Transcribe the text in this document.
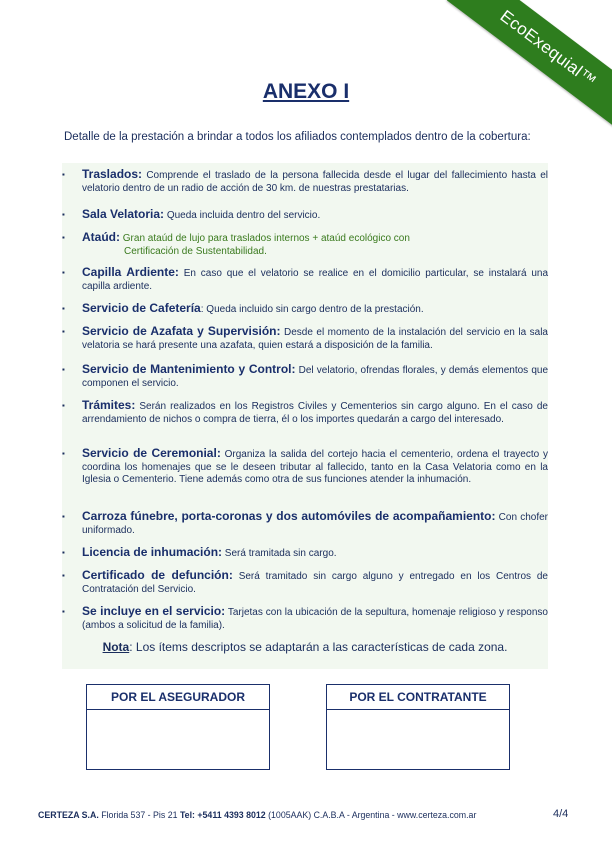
EcoExequial™
ANEXO I
Detalle de la prestación a brindar a todos los afiliados contemplados dentro de la cobertura:
▪	Traslados: Comprende el traslado de la persona fallecida desde el lugar del fallecimiento hasta el velatorio dentro de un radio de acción de 30 km. de nuestras prestatarias.
▪	Sala Velatoria: Queda incluida dentro del servicio.
▪	Ataúd: Gran ataúd de lujo para traslados internos + ataúd ecológico con
Certificación de Sustentabilidad.
▪	Capilla Ardiente: En caso que el velatorio se realice en el domicilio particular, se instalará una capilla ardiente.
▪	Servicio de Cafetería: Queda incluido sin cargo dentro de la prestación.
▪	Servicio de Azafata y Supervisión: Desde el momento de la instalación del servicio en la sala velatoria se hará presente una azafata, quien estará a disposición de la familia.
▪	Servicio de Mantenimiento y Control: Del velatorio, ofrendas florales, y demás elementos que componen el servicio.
▪	Trámites: Serán realizados en los Registros Civiles y Cementerios sin cargo alguno. En el caso de arrendamiento de nichos o compra de tierra, él o los importes quedarán a cargo del interesado.
▪	Servicio de Ceremonial: Organiza la salida del cortejo hacia el cementerio, ordena el trayecto y coordina los homenajes que se le deseen tributar al fallecido, tanto en la Casa Velatoria como en la Iglesia o Cementerio. Tiene además como otra de sus funciones atender la inhumación.
▪	Carroza fúnebre, porta-coronas y dos automóviles de acompañamiento: Con chofer uniformado.
▪	Licencia de inhumación: Será tramitada sin cargo.
▪	Certificado de defunción: Será tramitado sin cargo alguno y entregado en los Centros de Contratación del Servicio.
▪	Se incluye en el servicio: Tarjetas con la ubicación de la sepultura, homenaje religioso y responso (ambos a solicitud de la familia).
Nota: Los ítems descriptos se adaptarán a las características de cada zona.
POR EL ASEGURADOR	POR EL CONTRATANTE
CERTEZA S.A. Florida 537 - Pis 21 Tel: +5411 4393 8012 (1005AAK) C.A.B.A - Argentina - www.certeza.com.ar	4/4
